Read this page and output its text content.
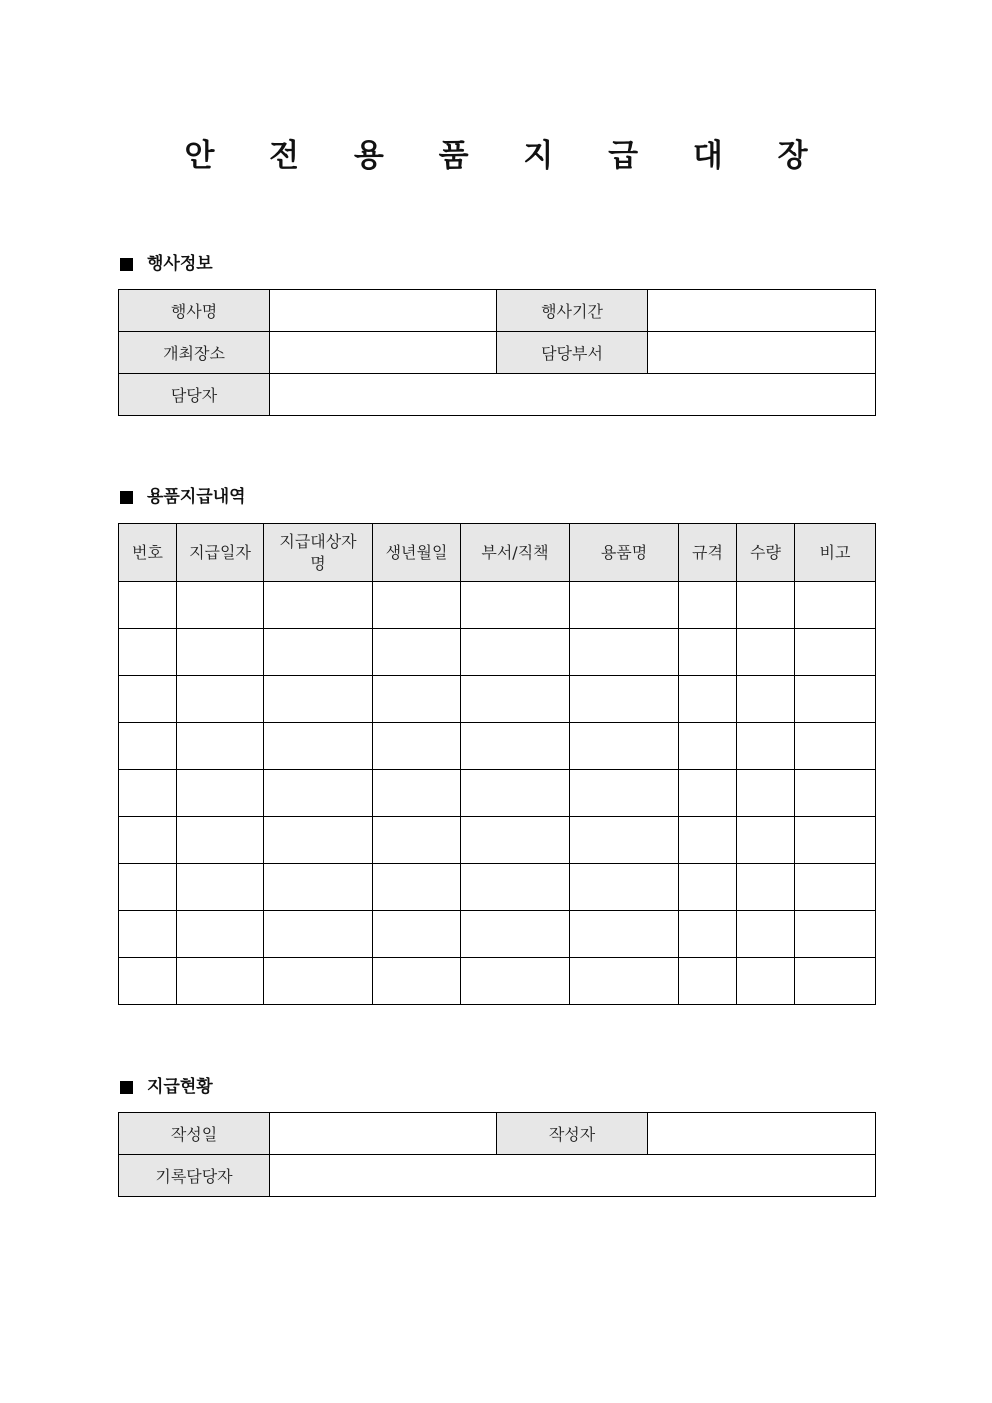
안 전 용 품 지 급 대 장
행사정보
행사명		행사기간	
개최장소		담당부서	
담당자			
용품지급내역
번호	지급일자	지급대상자명	생년월일	부서/직책	용품명	규격	수량	비고

지급현황
작성일		작성자	
기록담당자			
